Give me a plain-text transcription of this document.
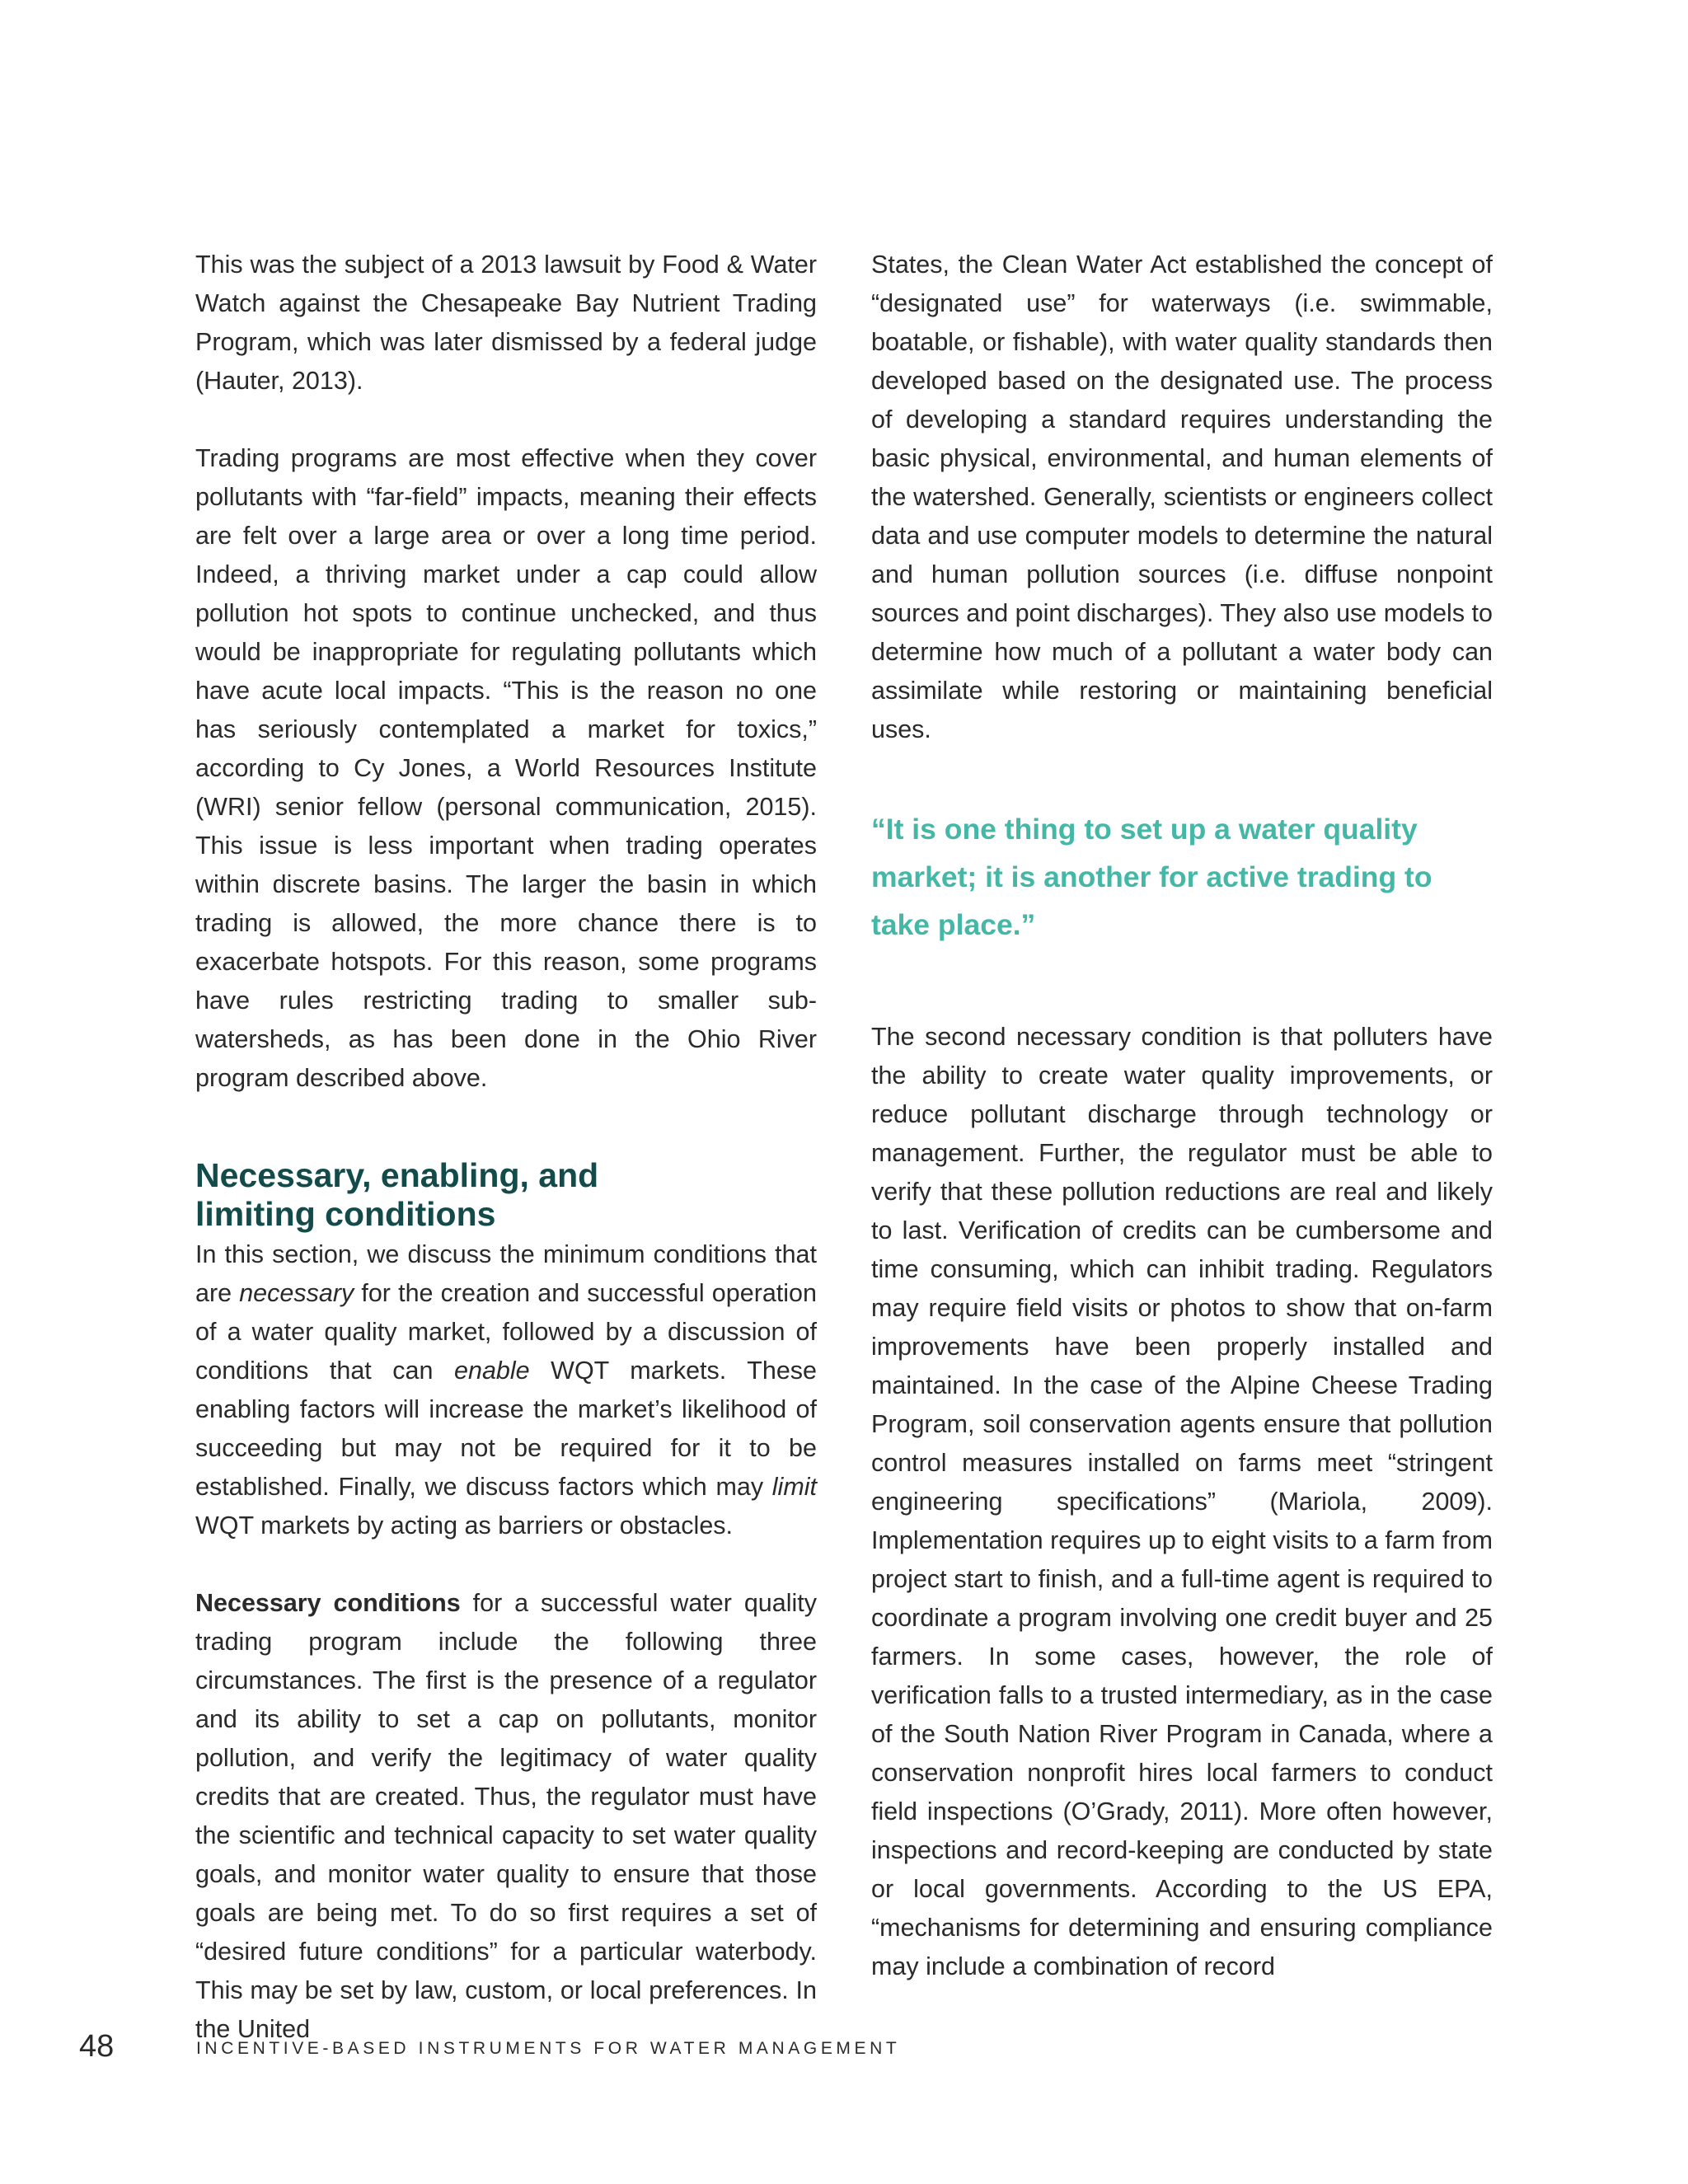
This was the subject of a 2013 lawsuit by Food & Water Watch against the Chesapeake Bay Nutrient Trading Program, which was later dismissed by a federal judge (Hauter, 2013).

Trading programs are most effective when they cover pollutants with “far-field” impacts, meaning their effects are felt over a large area or over a long time period. Indeed, a thriving market under a cap could allow pollution hot spots to continue unchecked, and thus would be inappropriate for regulating pollutants which have acute local impacts. “This is the reason no one has seriously contemplated a market for toxics,” according to Cy Jones, a World Resources Institute (WRI) senior fellow (personal communication, 2015). This issue is less important when trading operates within discrete basins. The larger the basin in which trading is allowed, the more chance there is to exacerbate hotspots. For this reason, some programs have rules restricting trading to smaller sub-watersheds, as has been done in the Ohio River program described above.

Necessary, enabling, and
limiting conditions

In this section, we discuss the minimum conditions that are necessary for the creation and successful operation of a water quality market, followed by a discussion of conditions that can enable WQT markets. These enabling factors will increase the market’s likelihood of succeeding but may not be required for it to be established. Finally, we discuss factors which may limit WQT markets by acting as barriers or obstacles.

Necessary conditions for a successful water quality trading program include the following three circumstances. The first is the presence of a regulator and its ability to set a cap on pollutants, monitor pollution, and verify the legitimacy of water quality credits that are created. Thus, the regulator must have the scientific and technical capacity to set water quality goals, and monitor water quality to ensure that those goals are being met. To do so first requires a set of “desired future conditions” for a particular waterbody. This may be set by law, custom, or local preferences. In the United

States, the Clean Water Act established the concept of “designated use” for waterways (i.e. swimmable, boatable, or fishable), with water quality standards then developed based on the designated use. The process of developing a standard requires understanding the basic physical, environmental, and human elements of the watershed. Generally, scientists or engineers collect data and use computer models to determine the natural and human pollution sources (i.e. diffuse nonpoint sources and point discharges). They also use models to determine how much of a pollutant a water body can assimilate while restoring or maintaining beneficial uses.

“It is one thing to set up a water quality market; it is another for active trading to take place.”

The second necessary condition is that polluters have the ability to create water quality improvements, or reduce pollutant discharge through technology or management. Further, the regulator must be able to verify that these pollution reductions are real and likely to last. Verification of credits can be cumbersome and time consuming, which can inhibit trading. Regulators may require field visits or photos to show that on-farm improvements have been properly installed and maintained. In the case of the Alpine Cheese Trading Program, soil conservation agents ensure that pollution control measures installed on farms meet “stringent engineering specifications” (Mariola, 2009). Implementation requires up to eight visits to a farm from project start to finish, and a full-time agent is required to coordinate a program involving one credit buyer and 25 farmers. In some cases, however, the role of verification falls to a trusted intermediary, as in the case of the South Nation River Program in Canada, where a conservation nonprofit hires local farmers to conduct field inspections (O’Grady, 2011). More often however, inspections and record-keeping are conducted by state or local governments. According to the US EPA, “mechanisms for determining and ensuring compliance may include a combination of record

48	INCENTIVE-BASED INSTRUMENTS FOR WATER MANAGEMENT
